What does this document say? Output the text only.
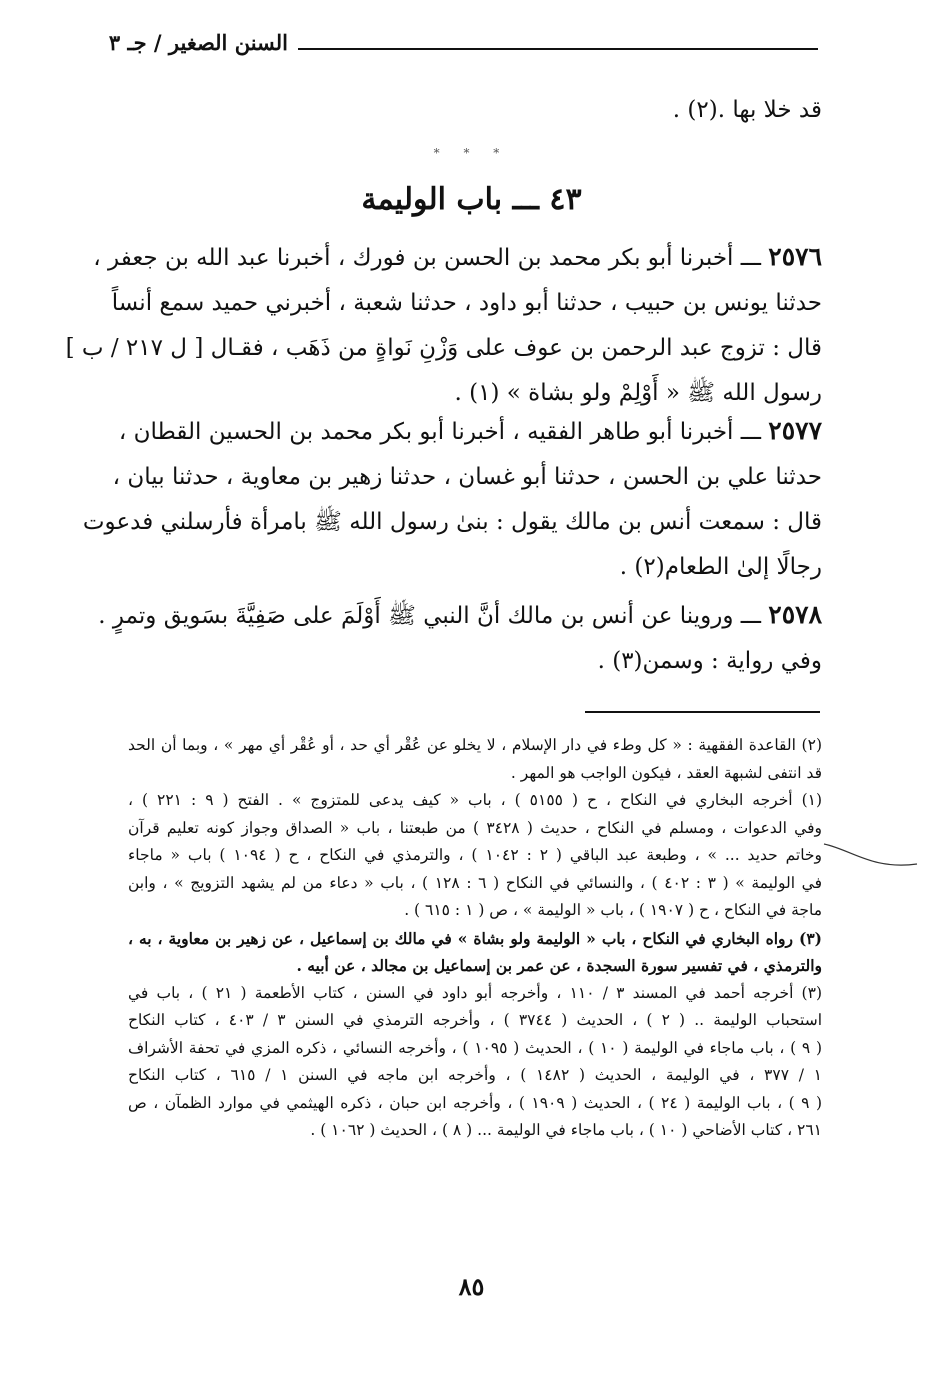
السنن الصغير / جـ ٣
قد خلا بها .(٢) .
* * *
٤٣ ـــ باب الوليمة
٢٥٧٦ ـــ أخبرنا أبو بكر محمد بن الحسن بن فورك ، أخبرنا عبد الله بن جعفر ،
حدثنا يونس بن حبيب ، حدثنا أبو داود ، حدثنا شعبة ، أخبرني حميد سمع أنساً
قال : تزوج عبد الرحمن بن عوف على وَزْنِ نَواةٍ من ذَهَب ، فقـال [ ل ٢١٧ / ب ]
رسول الله ﷺ « أَوْلِمْ ولو بشاة » (١) .
٢٥٧٧ ـــ أخبرنا أبو طاهر الفقيه ، أخبرنا أبو بكر محمد بن الحسين القطان ،
حدثنا علي بن الحسن ، حدثنا أبو غسان ، حدثنا زهير بن معاوية ، حدثنا بيان ،
قال : سمعت أنس بن مالك يقول : بنىٰ رسول الله ﷺ بامرأة فأرسلني فدعوت
رجالًا إلىٰ الطعام(٢) .
٢٥٧٨ ـــ وروينا عن أنس بن مالك أنَّ النبي ﷺ أَوْلَمَ على صَفِيَّةَ بسَويق وتمرٍ .
وفي رواية : وسمن(٣) .
(٢) القاعدة الفقهية : « كل وطء في دار الإسلام ، لا يخلو عن عُقْر أي حد ، أو عُقْر أي مهر » ، وبما أن الحد
قد انتفى لشبهة العقد ، فيكون الواجب هو المهر .
(١) أخرجه البخاري في النكاح ، ح ( ٥١٥٥ ) ، باب « كيف يدعى للمتزوج » . الفتح ( ٩ : ٢٢١ ) ،
وفي الدعوات ، ومسلم في النكاح ، حديث ( ٣٤٢٨ ) من طبعتنا ، باب « الصداق وجواز كونه تعليم قرآن
وخاتم حديد ... » ، وطبعة عبد الباقي ( ٢ : ١٠٤٢ ) ، والترمذي في النكاح ، ح ( ١٠٩٤ ) باب « ماجاء
في الوليمة » ( ٣ : ٤٠٢ ) ، والنسائي في النكاح ( ٦ : ١٢٨ ) ، باب « دعاء من لم يشهد التزويج » ، وابن
ماجة في النكاح ، ح ( ١٩٠٧ ) ، باب « الوليمة » ، ص ( ١ : ٦١٥ ) .
(٣) رواه البخاري في النكاح ، باب « الوليمة ولو بشاة » في مالك بن إسماعيل ، عن زهير بن معاوية ، به ،
والترمذي ، في تفسير سورة السجدة ، عن عمر بن إسماعيل بن مجالد ، عن أبيه .
(٣) أخرجه أحمد في المسند ٣ / ١١٠ ، وأخرجه أبو داود في السنن ، كتاب الأطعمة ( ٢١ ) ، باب في
استحباب الوليمة .. ( ٢ ) ، الحديث ( ٣٧٤٤ ) ، وأخرجه الترمذي في السنن ٣ / ٤٠٣ ، كتاب النكاح
( ٩ ) ، باب ماجاء في الوليمة ( ١٠ ) ، الحديث ( ١٠٩٥ ) ، وأخرجه النسائي ، ذكره المزي في تحفة الأشراف
١ / ٣٧٧ ، في الوليمة ، الحديث ( ١٤٨٢ ) ، وأخرجه ابن ماجه في السنن ١ / ٦١٥ ، كتاب النكاح
( ٩ ) ، باب الوليمة ( ٢٤ ) ، الحديث ( ١٩٠٩ ) ، وأخرجه ابن حبان ، ذكره الهيثمي في موارد الظمآن ، ص
٢٦١ ، كتاب الأضاحي ( ١٠ ) ، باب ماجاء في الوليمة ... ( ٨ ) ، الحديث ( ١٠٦٢ ) .
٨٥
